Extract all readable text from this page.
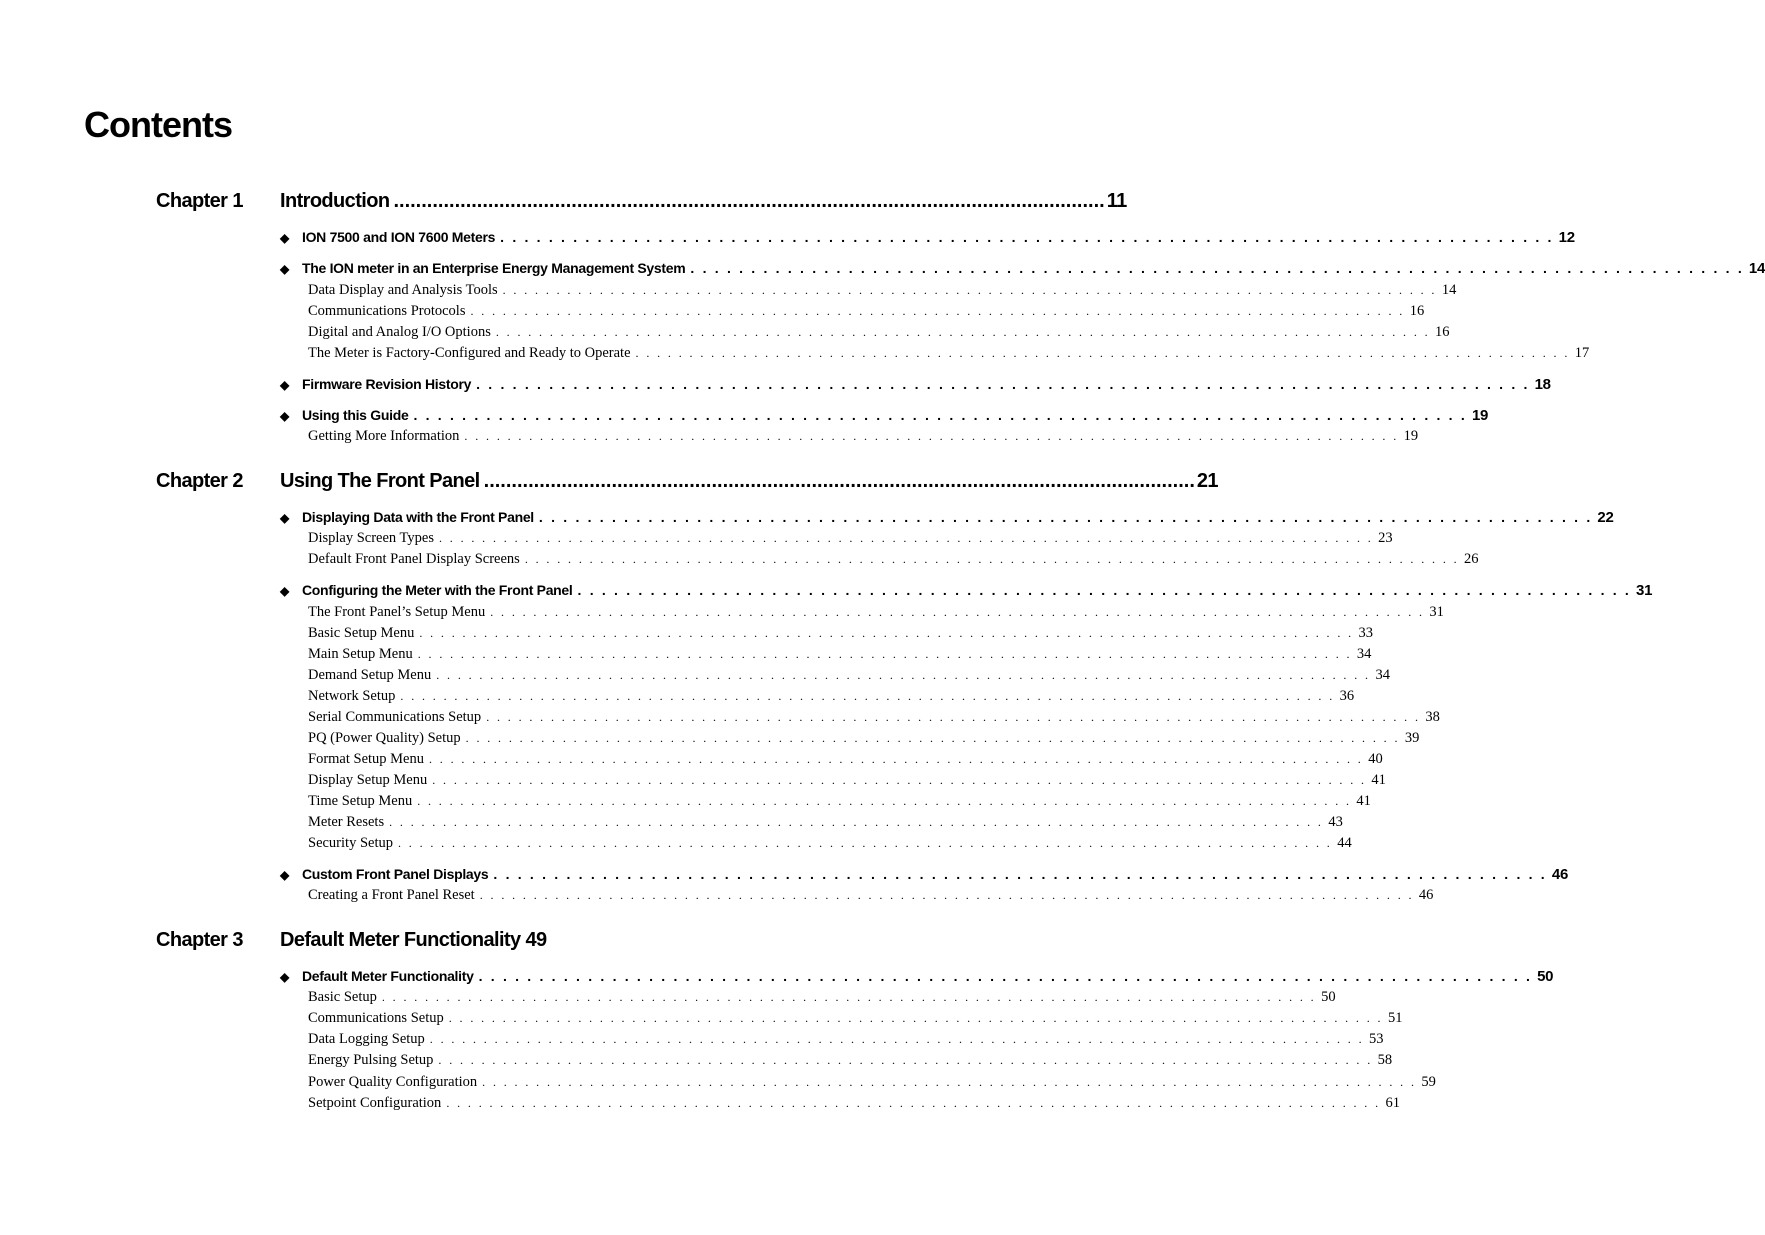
Contents
Chapter 1 Introduction ................................................................................................................................ 11
◆ ION 7500 and ION 7600 Meters . . . . . . . . . . . . . . . . . . . . . . . . . . . . . . . . . . . . . . . . . . . . . . . . . . . . . . . . . . . . . . . . . . . . . . . . . . . . . . . . . . . . . . . 12
◆ The ION meter in an Enterprise Energy Management System . . . . . . . . . . . . . . . . . . . . . . . . . . . . . . . . . . . . . . . . . . . . . . . . . . . . . . . . . . . . . . . . . . . . . . . . . . . . . . . . . . . . . . . 14
Data Display and Analysis Tools . . . . . . . . . . . . . . . . . . . . . . . . . . . . . . . . . . . . . . . . . . . . . . . . . . . . . . . . . . . . . . . . . . . . . . . . . . . . . . . . . . . . . . . 14
Communications Protocols . . . . . . . . . . . . . . . . . . . . . . . . . . . . . . . . . . . . . . . . . . . . . . . . . . . . . . . . . . . . . . . . . . . . . . . . . . . . . . . . . . . . . . . 16
Digital and Analog I/O Options . . . . . . . . . . . . . . . . . . . . . . . . . . . . . . . . . . . . . . . . . . . . . . . . . . . . . . . . . . . . . . . . . . . . . . . . . . . . . . . . . . . . . . . 16
The Meter is Factory-Configured and Ready to Operate . . . . . . . . . . . . . . . . . . . . . . . . . . . . . . . . . . . . . . . . . . . . . . . . . . . . . . . . . . . . . . . . . . . . . . . . . . . . . . . . . . . . . . . 17
◆ Firmware Revision History . . . . . . . . . . . . . . . . . . . . . . . . . . . . . . . . . . . . . . . . . . . . . . . . . . . . . . . . . . . . . . . . . . . . . . . . . . . . . . . . . . . . . . . 18
◆ Using this Guide . . . . . . . . . . . . . . . . . . . . . . . . . . . . . . . . . . . . . . . . . . . . . . . . . . . . . . . . . . . . . . . . . . . . . . . . . . . . . . . . . . . . . . . 19
Getting More Information . . . . . . . . . . . . . . . . . . . . . . . . . . . . . . . . . . . . . . . . . . . . . . . . . . . . . . . . . . . . . . . . . . . . . . . . . . . . . . . . . . . . . . . 19
Chapter 2 Using The Front Panel ................................................................................................................................ 21
◆ Displaying Data with the Front Panel . . . . . . . . . . . . . . . . . . . . . . . . . . . . . . . . . . . . . . . . . . . . . . . . . . . . . . . . . . . . . . . . . . . . . . . . . . . . . . . . . . . . . . . 22
Display Screen Types . . . . . . . . . . . . . . . . . . . . . . . . . . . . . . . . . . . . . . . . . . . . . . . . . . . . . . . . . . . . . . . . . . . . . . . . . . . . . . . . . . . . . . . 23
Default Front Panel Display Screens . . . . . . . . . . . . . . . . . . . . . . . . . . . . . . . . . . . . . . . . . . . . . . . . . . . . . . . . . . . . . . . . . . . . . . . . . . . . . . . . . . . . . . . 26
◆ Configuring the Meter with the Front Panel . . . . . . . . . . . . . . . . . . . . . . . . . . . . . . . . . . . . . . . . . . . . . . . . . . . . . . . . . . . . . . . . . . . . . . . . . . . . . . . . . . . . . . . 31
The Front Panel’s Setup Menu . . . . . . . . . . . . . . . . . . . . . . . . . . . . . . . . . . . . . . . . . . . . . . . . . . . . . . . . . . . . . . . . . . . . . . . . . . . . . . . . . . . . . . . 31
Basic Setup Menu . . . . . . . . . . . . . . . . . . . . . . . . . . . . . . . . . . . . . . . . . . . . . . . . . . . . . . . . . . . . . . . . . . . . . . . . . . . . . . . . . . . . . . . 33
Main Setup Menu . . . . . . . . . . . . . . . . . . . . . . . . . . . . . . . . . . . . . . . . . . . . . . . . . . . . . . . . . . . . . . . . . . . . . . . . . . . . . . . . . . . . . . . 34
Demand Setup Menu . . . . . . . . . . . . . . . . . . . . . . . . . . . . . . . . . . . . . . . . . . . . . . . . . . . . . . . . . . . . . . . . . . . . . . . . . . . . . . . . . . . . . . . 34
Network Setup . . . . . . . . . . . . . . . . . . . . . . . . . . . . . . . . . . . . . . . . . . . . . . . . . . . . . . . . . . . . . . . . . . . . . . . . . . . . . . . . . . . . . . . 36
Serial Communications Setup . . . . . . . . . . . . . . . . . . . . . . . . . . . . . . . . . . . . . . . . . . . . . . . . . . . . . . . . . . . . . . . . . . . . . . . . . . . . . . . . . . . . . . . 38
PQ (Power Quality) Setup . . . . . . . . . . . . . . . . . . . . . . . . . . . . . . . . . . . . . . . . . . . . . . . . . . . . . . . . . . . . . . . . . . . . . . . . . . . . . . . . . . . . . . . 39
Format Setup Menu . . . . . . . . . . . . . . . . . . . . . . . . . . . . . . . . . . . . . . . . . . . . . . . . . . . . . . . . . . . . . . . . . . . . . . . . . . . . . . . . . . . . . . . 40
Display Setup Menu . . . . . . . . . . . . . . . . . . . . . . . . . . . . . . . . . . . . . . . . . . . . . . . . . . . . . . . . . . . . . . . . . . . . . . . . . . . . . . . . . . . . . . . 41
Time Setup Menu . . . . . . . . . . . . . . . . . . . . . . . . . . . . . . . . . . . . . . . . . . . . . . . . . . . . . . . . . . . . . . . . . . . . . . . . . . . . . . . . . . . . . . . 41
Meter Resets . . . . . . . . . . . . . . . . . . . . . . . . . . . . . . . . . . . . . . . . . . . . . . . . . . . . . . . . . . . . . . . . . . . . . . . . . . . . . . . . . . . . . . . 43
Security Setup . . . . . . . . . . . . . . . . . . . . . . . . . . . . . . . . . . . . . . . . . . . . . . . . . . . . . . . . . . . . . . . . . . . . . . . . . . . . . . . . . . . . . . . 44
◆ Custom Front Panel Displays . . . . . . . . . . . . . . . . . . . . . . . . . . . . . . . . . . . . . . . . . . . . . . . . . . . . . . . . . . . . . . . . . . . . . . . . . . . . . . . . . . . . . . . 46
Creating a Front Panel Reset . . . . . . . . . . . . . . . . . . . . . . . . . . . . . . . . . . . . . . . . . . . . . . . . . . . . . . . . . . . . . . . . . . . . . . . . . . . . . . . . . . . . . . . 46
Chapter 3 Default Meter Functionality 49
◆ Default Meter Functionality . . . . . . . . . . . . . . . . . . . . . . . . . . . . . . . . . . . . . . . . . . . . . . . . . . . . . . . . . . . . . . . . . . . . . . . . . . . . . . . . . . . . . . . 50
Basic Setup . . . . . . . . . . . . . . . . . . . . . . . . . . . . . . . . . . . . . . . . . . . . . . . . . . . . . . . . . . . . . . . . . . . . . . . . . . . . . . . . . . . . . . . 50
Communications Setup . . . . . . . . . . . . . . . . . . . . . . . . . . . . . . . . . . . . . . . . . . . . . . . . . . . . . . . . . . . . . . . . . . . . . . . . . . . . . . . . . . . . . . . 51
Data Logging Setup . . . . . . . . . . . . . . . . . . . . . . . . . . . . . . . . . . . . . . . . . . . . . . . . . . . . . . . . . . . . . . . . . . . . . . . . . . . . . . . . . . . . . . . 53
Energy Pulsing Setup . . . . . . . . . . . . . . . . . . . . . . . . . . . . . . . . . . . . . . . . . . . . . . . . . . . . . . . . . . . . . . . . . . . . . . . . . . . . . . . . . . . . . . . 58
Power Quality Configuration . . . . . . . . . . . . . . . . . . . . . . . . . . . . . . . . . . . . . . . . . . . . . . . . . . . . . . . . . . . . . . . . . . . . . . . . . . . . . . . . . . . . . . . 59
Setpoint Configuration . . . . . . . . . . . . . . . . . . . . . . . . . . . . . . . . . . . . . . . . . . . . . . . . . . . . . . . . . . . . . . . . . . . . . . . . . . . . . . . . . . . . . . . 61
